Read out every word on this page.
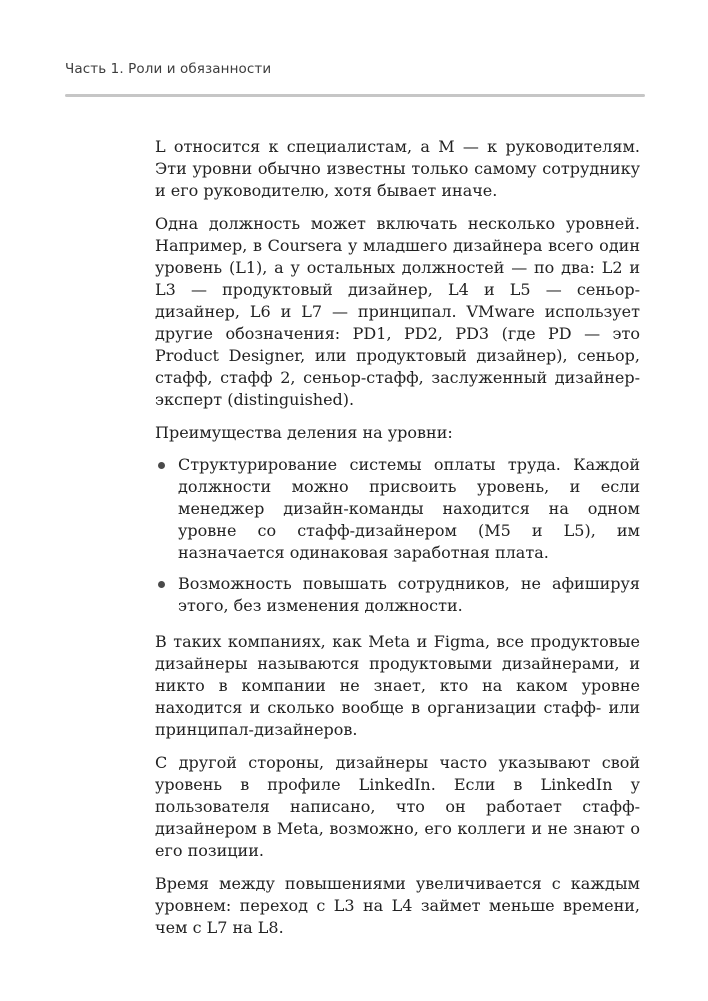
Часть 1. Роли и обязанности

L относится к специалистам, а M — к руководителям. Эти уровни обычно известны только самому сотруднику и его руководителю, хотя бывает иначе.

Одна должность может включать несколько уровней. Например, в Coursera у младшего дизайнера всего один уровень (L1), а у остальных должностей — по два: L2 и L3 — продуктовый дизайнер, L4 и L5 — сеньор-дизайнер, L6 и L7 — принципал. VMware использует другие обозначения: PD1, PD2, PD3 (где PD — это Product Designer, или продуктовый дизайнер), сеньор, стафф, стафф 2, сеньор-стафф, заслуженный дизайнер-эксперт (distinguished).

Преимущества деления на уровни:

Структурирование системы оплаты труда. Каждой должности можно присвоить уровень, и если менеджер дизайн-команды находится на одном уровне со стафф-дизайнером (M5 и L5), им назначается одинаковая заработная плата.
Возможность повышать сотрудников, не афишируя этого, без изменения должности.

В таких компаниях, как Meta и Figma, все продуктовые дизайнеры называются продуктовыми дизайнерами, и никто в компании не знает, кто на каком уровне находится и сколько вообще в организации стафф- или принципал-дизайнеров.

С другой стороны, дизайнеры часто указывают свой уровень в профиле LinkedIn. Если в LinkedIn у пользователя написано, что он работает стафф-дизайнером в Meta, возможно, его коллеги и не знают о его позиции.

Время между повышениями увеличивается с каждым уровнем: переход с L3 на L4 займет меньше времени, чем с L7 на L8.
